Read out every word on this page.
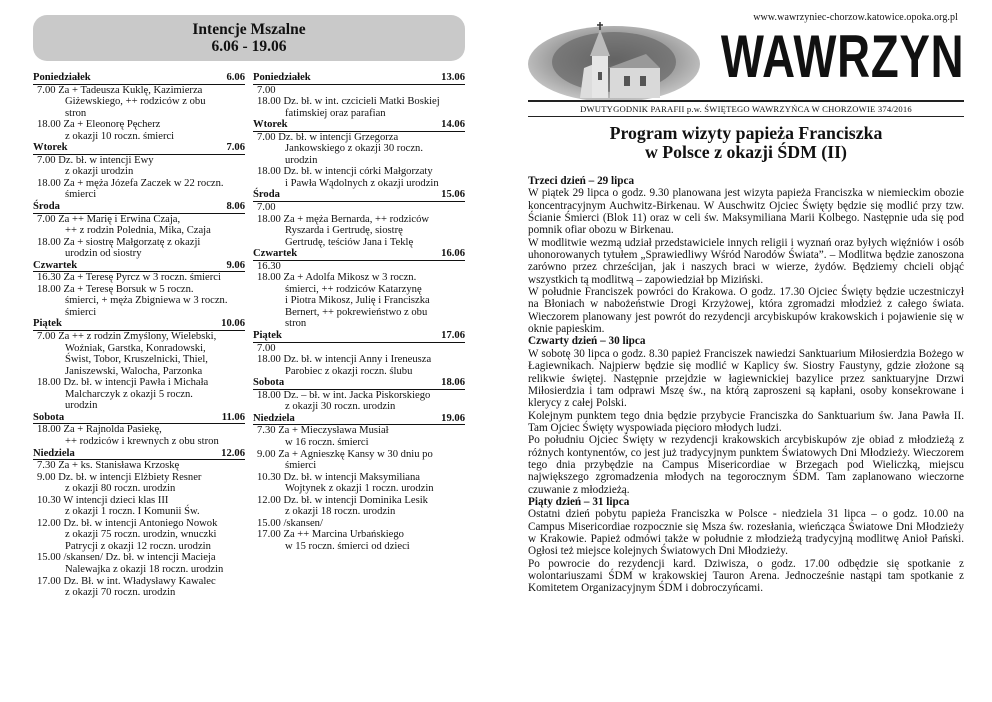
Intencje Mszalne
6.06 - 19.06
Poniedziałek	6.06
7.00 Za + Tadeusza Kuklę, Kazimierza
Giżewskiego, ++ rodziców z obu
stron
18.00 Za + Eleonorę Pęcherz
z okazji 10 roczn. śmierci
Wtorek	7.06
7.00 Dz. bł. w intencji Ewy
z okazji urodzin
18.00 Za + męża Józefa Zaczek w 22 roczn.
śmierci
Środa	8.06
7.00 Za ++ Marię i Erwina Czaja,
++ z rodzin Polednia, Mika, Czaja
18.00 Za + siostrę Małgorzatę z okazji
urodzin od siostry
Czwartek	9.06
16.30 Za + Teresę Pyrcz w 3 roczn. śmierci
18.00 Za + Teresę Borsuk w 5 roczn.
śmierci, + męża Zbigniewa w 3 roczn.
śmierci
Piątek	10.06
7.00 Za ++ z rodzin Zmyślony, Wielebski,
Woźniak, Garstka, Konradowski,
Świst, Tobor, Kruszelnicki, Thiel,
Janiszewski, Walocha, Parzonka
18.00 Dz. bł. w intencji Pawła i Michała
Malcharczyk z okazji 5 roczn.
urodzin
Sobota	11.06
18.00 Za + Rajnolda Pasiekę,
++ rodziców i krewnych z obu stron
Niedziela	12.06
7.30 Za + ks. Stanisława Krzoskę
9.00 Dz. bł. w intencji Elżbiety Resner
z okazji 80 roczn. urodzin
10.30 W intencji dzieci klas III
z okazji 1 roczn. I Komunii Św.
12.00 Dz. bł. w intencji Antoniego Nowok
z okazji 75 roczn. urodzin, wnuczki
Patrycji z okazji 12 roczn. urodzin
15.00 /skansen/ Dz. bł. w intencji Macieja
Nalewajka z okazji 18 roczn. urodzin
17.00 Dz. Bł. w int. Władysławy Kawalec
z okazji 70 roczn. urodzin
Poniedziałek	13.06
7.00
18.00 Dz. bł. w int. czcicieli Matki Boskiej
fatimskiej oraz parafian
Wtorek	14.06
7.00 Dz. bł. w intencji Grzegorza
Jankowskiego z okazji 30 roczn.
urodzin
18.00 Dz. bł. w intencji córki Małgorzaty
i Pawła Wądolnych z okazji urodzin
Środa	15.06
7.00
18.00 Za + męża Bernarda, ++ rodziców
Ryszarda i Gertrudę, siostrę
Gertrudę, teściów Jana i Teklę
Czwartek	16.06
16.30
18.00 Za + Adolfa Mikosz w 3 roczn.
śmierci, ++ rodziców Katarzynę
i Piotra Mikosz, Julię i Franciszka
Bernert, ++ pokrewieństwo z obu
stron
Piątek	17.06
7.00
18.00 Dz. bł. w intencji Anny i Ireneusza
Parobiec z okazji roczn. ślubu
Sobota	18.06
18.00 Dz. – bł. w int. Jacka Piskorskiego
z okazji 30 roczn. urodzin
Niedziela	19.06
7.30 Za + Mieczysława Musiał
w 16 roczn. śmierci
9.00 Za + Agnieszkę Kansy w 30 dniu po
śmierci
10.30 Dz. bł. w intencji Maksymiliana
Wojtynek z okazji 1 roczn. urodzin
12.00 Dz. bł. w intencji Dominika Lesik
z okazji 18 roczn. urodzin
15.00 /skansen/
17.00 Za ++ Marcina Urbańskiego
w 15 roczn. śmierci od dzieci
www.wawrzyniec-chorzow.katowice.opoka.org.pl
WAWRZYN
DWUTYGODNIK PARAFII p.w. ŚWIĘTEGO WAWRZYŃCA W CHORZOWIE 374/2016
Program wizyty papieża Franciszka
w Polsce z okazji ŚDM (II)
Trzeci dzień – 29 lipca

W piątek 29 lipca o godz. 9.30 planowana jest wizyta papieża Franciszka w niemieckim obozie koncentracyjnym Auchwitz-Birkenau. W Auschwitz Ojciec Święty będzie się modlić przy tzw. Ścianie Śmierci (Blok 11) oraz w celi św. Maksymiliana Marii Kolbego. Następnie uda się pod pomnik ofiar obozu w Birkenau.

W modlitwie wezmą udział przedstawiciele innych religii i wyznań oraz byłych więźniów i osób uhonorowanych tytułem „Sprawiedliwy Wśród Narodów Świata”. – Modlitwa będzie zanoszona zarówno przez chrześcijan, jak i naszych braci w wierze, żydów. Będziemy chcieli objąć wszystkich tą modlitwą – zapowiedział bp Miziński.

W południe Franciszek powróci do Krakowa. O godz. 17.30 Ojciec Święty będzie uczestniczył na Błoniach w nabożeństwie Drogi Krzyżowej, która zgromadzi młodzież z całego świata. Wieczorem planowany jest powrót do rezydencji arcybiskupów krakowskich i pojawienie się w oknie papieskim.

Czwarty dzień – 30 lipca

W sobotę 30 lipca o godz. 8.30 papież Franciszek nawiedzi Sanktuarium Miłosierdzia Bożego w Łagiewnikach. Najpierw będzie się modlić w Kaplicy św. Siostry Faustyny, gdzie złożone są relikwie świętej. Następnie przejdzie w łagiewnickiej bazylice przez sanktuaryjne Drzwi Miłosierdzia i tam odprawi Mszę św., na którą zaproszeni są kapłani, osoby konsekrowane i klerycy z całej Polski.

Kolejnym punktem tego dnia będzie przybycie Franciszka do Sanktuarium św. Jana Pawła II. Tam Ojciec Święty wyspowiada pięcioro młodych ludzi.

Po południu Ojciec Święty w rezydencji krakowskich arcybiskupów zje obiad z młodzieżą z różnych kontynentów, co jest już tradycyjnym punktem Światowych Dni Młodzieży. Wieczorem tego dnia przybędzie na Campus Misericordiae w Brzegach pod Wieliczką, miejscu największego zgromadzenia młodych na tegorocznym ŚDM. Tam zaplanowano wieczorne czuwanie z młodzieżą.

Piąty dzień – 31 lipca

Ostatni dzień pobytu papieża Franciszka w Polsce - niedziela 31 lipca – o godz. 10.00 na Campus Misericordiae rozpocznie się Msza św. rozesłania, wieńcząca Światowe Dni Młodzieży w Krakowie. Papież odmówi także w południe z młodzieżą tradycyjną modlitwę Anioł Pański. Ogłosi też miejsce kolejnych Światowych Dni Młodzieży.

Po powrocie do rezydencji kard. Dziwisza, o godz. 17.00 odbędzie się spotkanie z wolontariuszami ŚDM w krakowskiej Tauron Arena. Jednocześnie nastąpi tam spotkanie z Komitetem Organizacyjnym ŚDM i dobroczyńcami.
